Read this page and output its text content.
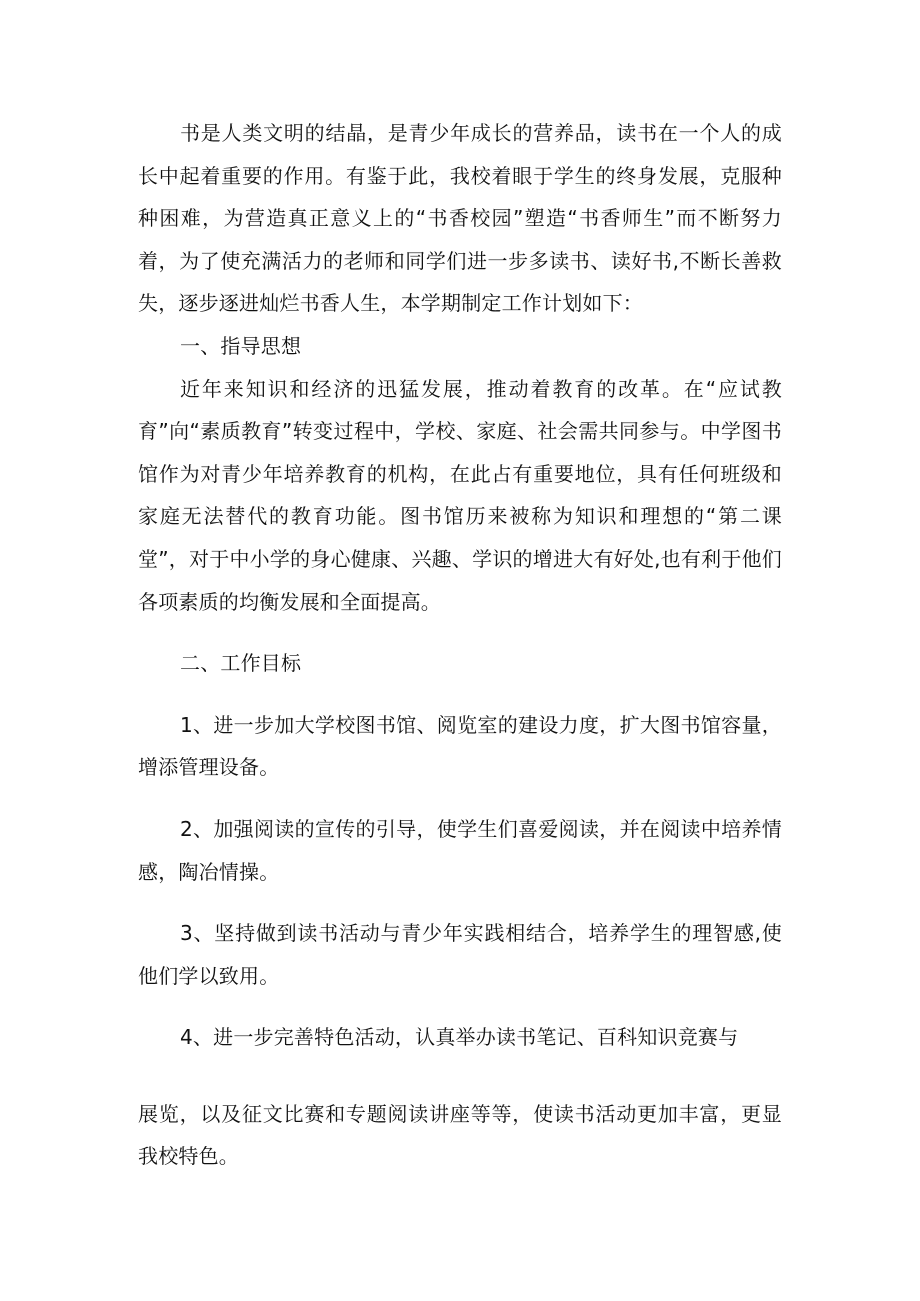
书是人类文明的结晶，是青少年成长的营养品，读书在一个人的成长中起着重要的作用。有鉴于此，我校着眼于学生的终身发展，克服种种困难，为营造真正意义上的“书香校园”塑造“书香师生”而不断努力着，为了使充满活力的老师和同学们进一步多读书、读好书,不断长善救失，逐步逐进灿烂书香人生，本学期制定工作计划如下：

一、指导思想

近年来知识和经济的迅猛发展，推动着教育的改革。在“应试教育”向“素质教育”转变过程中，学校、家庭、社会需共同参与。中学图书馆作为对青少年培养教育的机构，在此占有重要地位，具有任何班级和家庭无法替代的教育功能。图书馆历来被称为知识和理想的“第二课堂”，对于中小学的身心健康、兴趣、学识的增进大有好处,也有利于他们各项素质的均衡发展和全面提高。

二、工作目标

1、进一步加大学校图书馆、阅览室的建设力度，扩大图书馆容量，增添管理设备。

2、加强阅读的宣传的引导，使学生们喜爱阅读，并在阅读中培养情感，陶冶情操。

3、坚持做到读书活动与青少年实践相结合，培养学生的理智感,使他们学以致用。

4、进一步完善特色活动，认真举办读书笔记、百科知识竞赛与

展览，以及征文比赛和专题阅读讲座等等，使读书活动更加丰富，更显我校特色。
